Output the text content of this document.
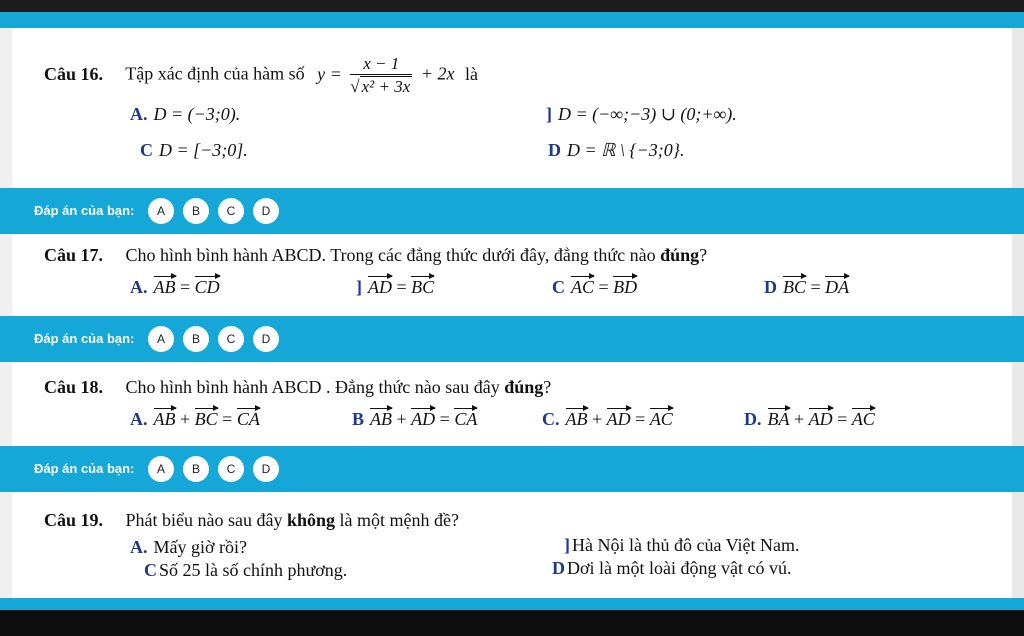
Câu 16. Tập xác định của hàm số $y = \frac{x - 1}{\text{√ x² + 3x}} + 2x$ là
A. D = (−3;0).	] D = (−∞;−3) ∪ (0;+∞).
C D = [−3;0].	D D = ℝ \ {−3;0}.
Đáp án của bạn:	A	B	C	D
Câu 17. Cho hình bình hành ABCD. Trong các đẳng thức dưới đây, đẳng thức nào đúng?
A. AB = CD	] AD = BC	C AC = BD	D BC = DA
Đáp án của bạn:	A	B	C	D
Câu 18. Cho hình bình hành ABCD . Đẳng thức nào sau đây đúng?
A. AB + BC = CA	B AB + AD = CA	C. AB + AD = AC	D. BA + AD = AC
Đáp án của bạn:	A	B	C	D
Câu 19. Phát biểu nào sau đây không là một mệnh đề?
A. Mấy giờ rồi?	] Hà Nội là thủ đô của Việt Nam.
C Số 25 là số chính phương.	D Dơi là một loài động vật có vú.
